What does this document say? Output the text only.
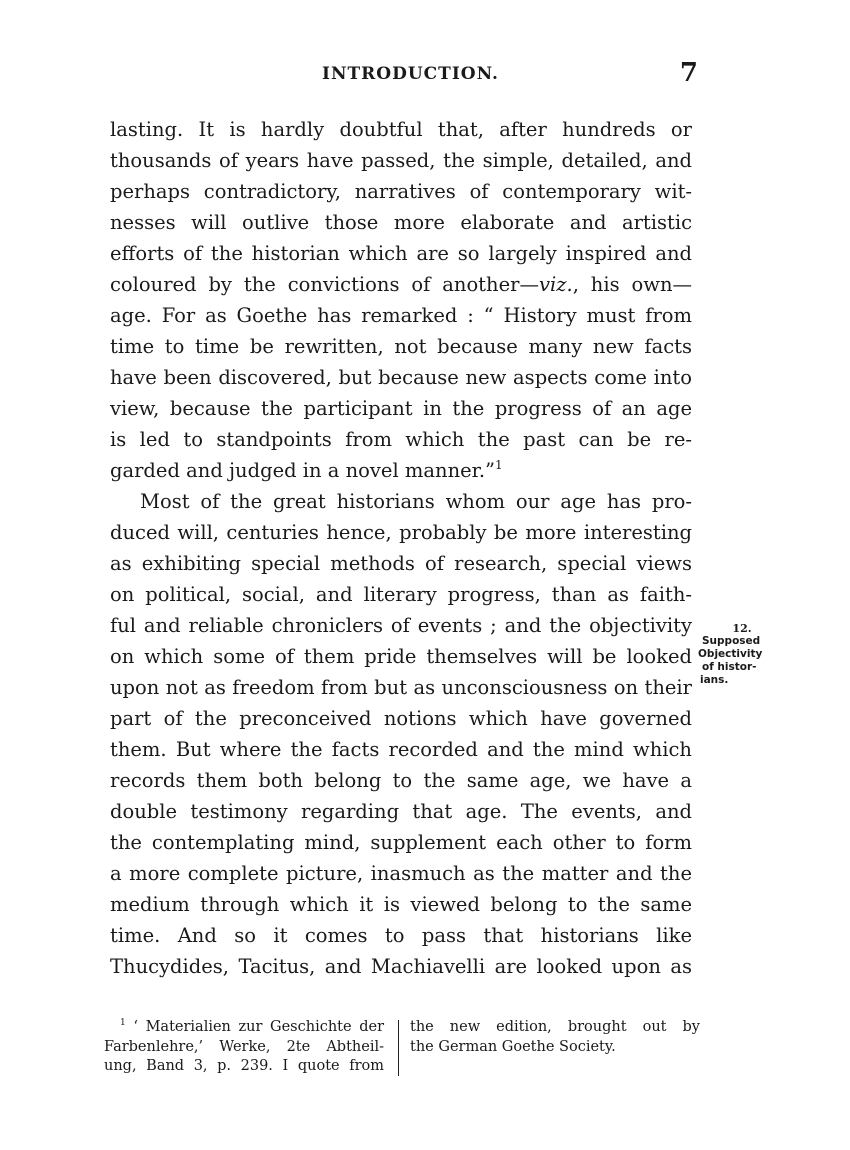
INTRODUCTION.	7
lasting. It is hardly doubtful that, after hundreds or
thousands of years have passed, the simple, detailed, and
perhaps contradictory, narratives of contemporary wit-
nesses will outlive those more elaborate and artistic
efforts of the historian which are so largely inspired and
coloured by the convictions of another—viz., his own—
age. For as Goethe has remarked : “ History must from
time to time be rewritten, not because many new facts
have been discovered, but because new aspects come into
view, because the participant in the progress of an age
is led to standpoints from which the past can be re-
garded and judged in a novel manner.”$^1$
Most of the great historians whom our age has pro-
duced will, centuries hence, probably be more interesting
as exhibiting special methods of research, special views
on political, social, and literary progress, than as faith-
ful and reliable chroniclers of events ; and the objectivity
on which some of them pride themselves will be looked
upon not as freedom from but as unconsciousness on their
part of the preconceived notions which have governed
them. But where the facts recorded and the mind which
records them both belong to the same age, we have a
double testimony regarding that age. The events, and
the contemplating mind, supplement each other to form
a more complete picture, inasmuch as the matter and the
medium through which it is viewed belong to the same
time. And so it comes to pass that historians like
Thucydides, Tacitus, and Machiavelli are looked upon as
12.
Supposed
Objectivity
of histor-
ians.
$^1$ ‘ Materialien zur Geschichte der
Farbenlehre,’ Werke, 2te Abtheil-
ung, Band 3, p. 239. I quote from
the new edition, brought out by
the German Goethe Society.
